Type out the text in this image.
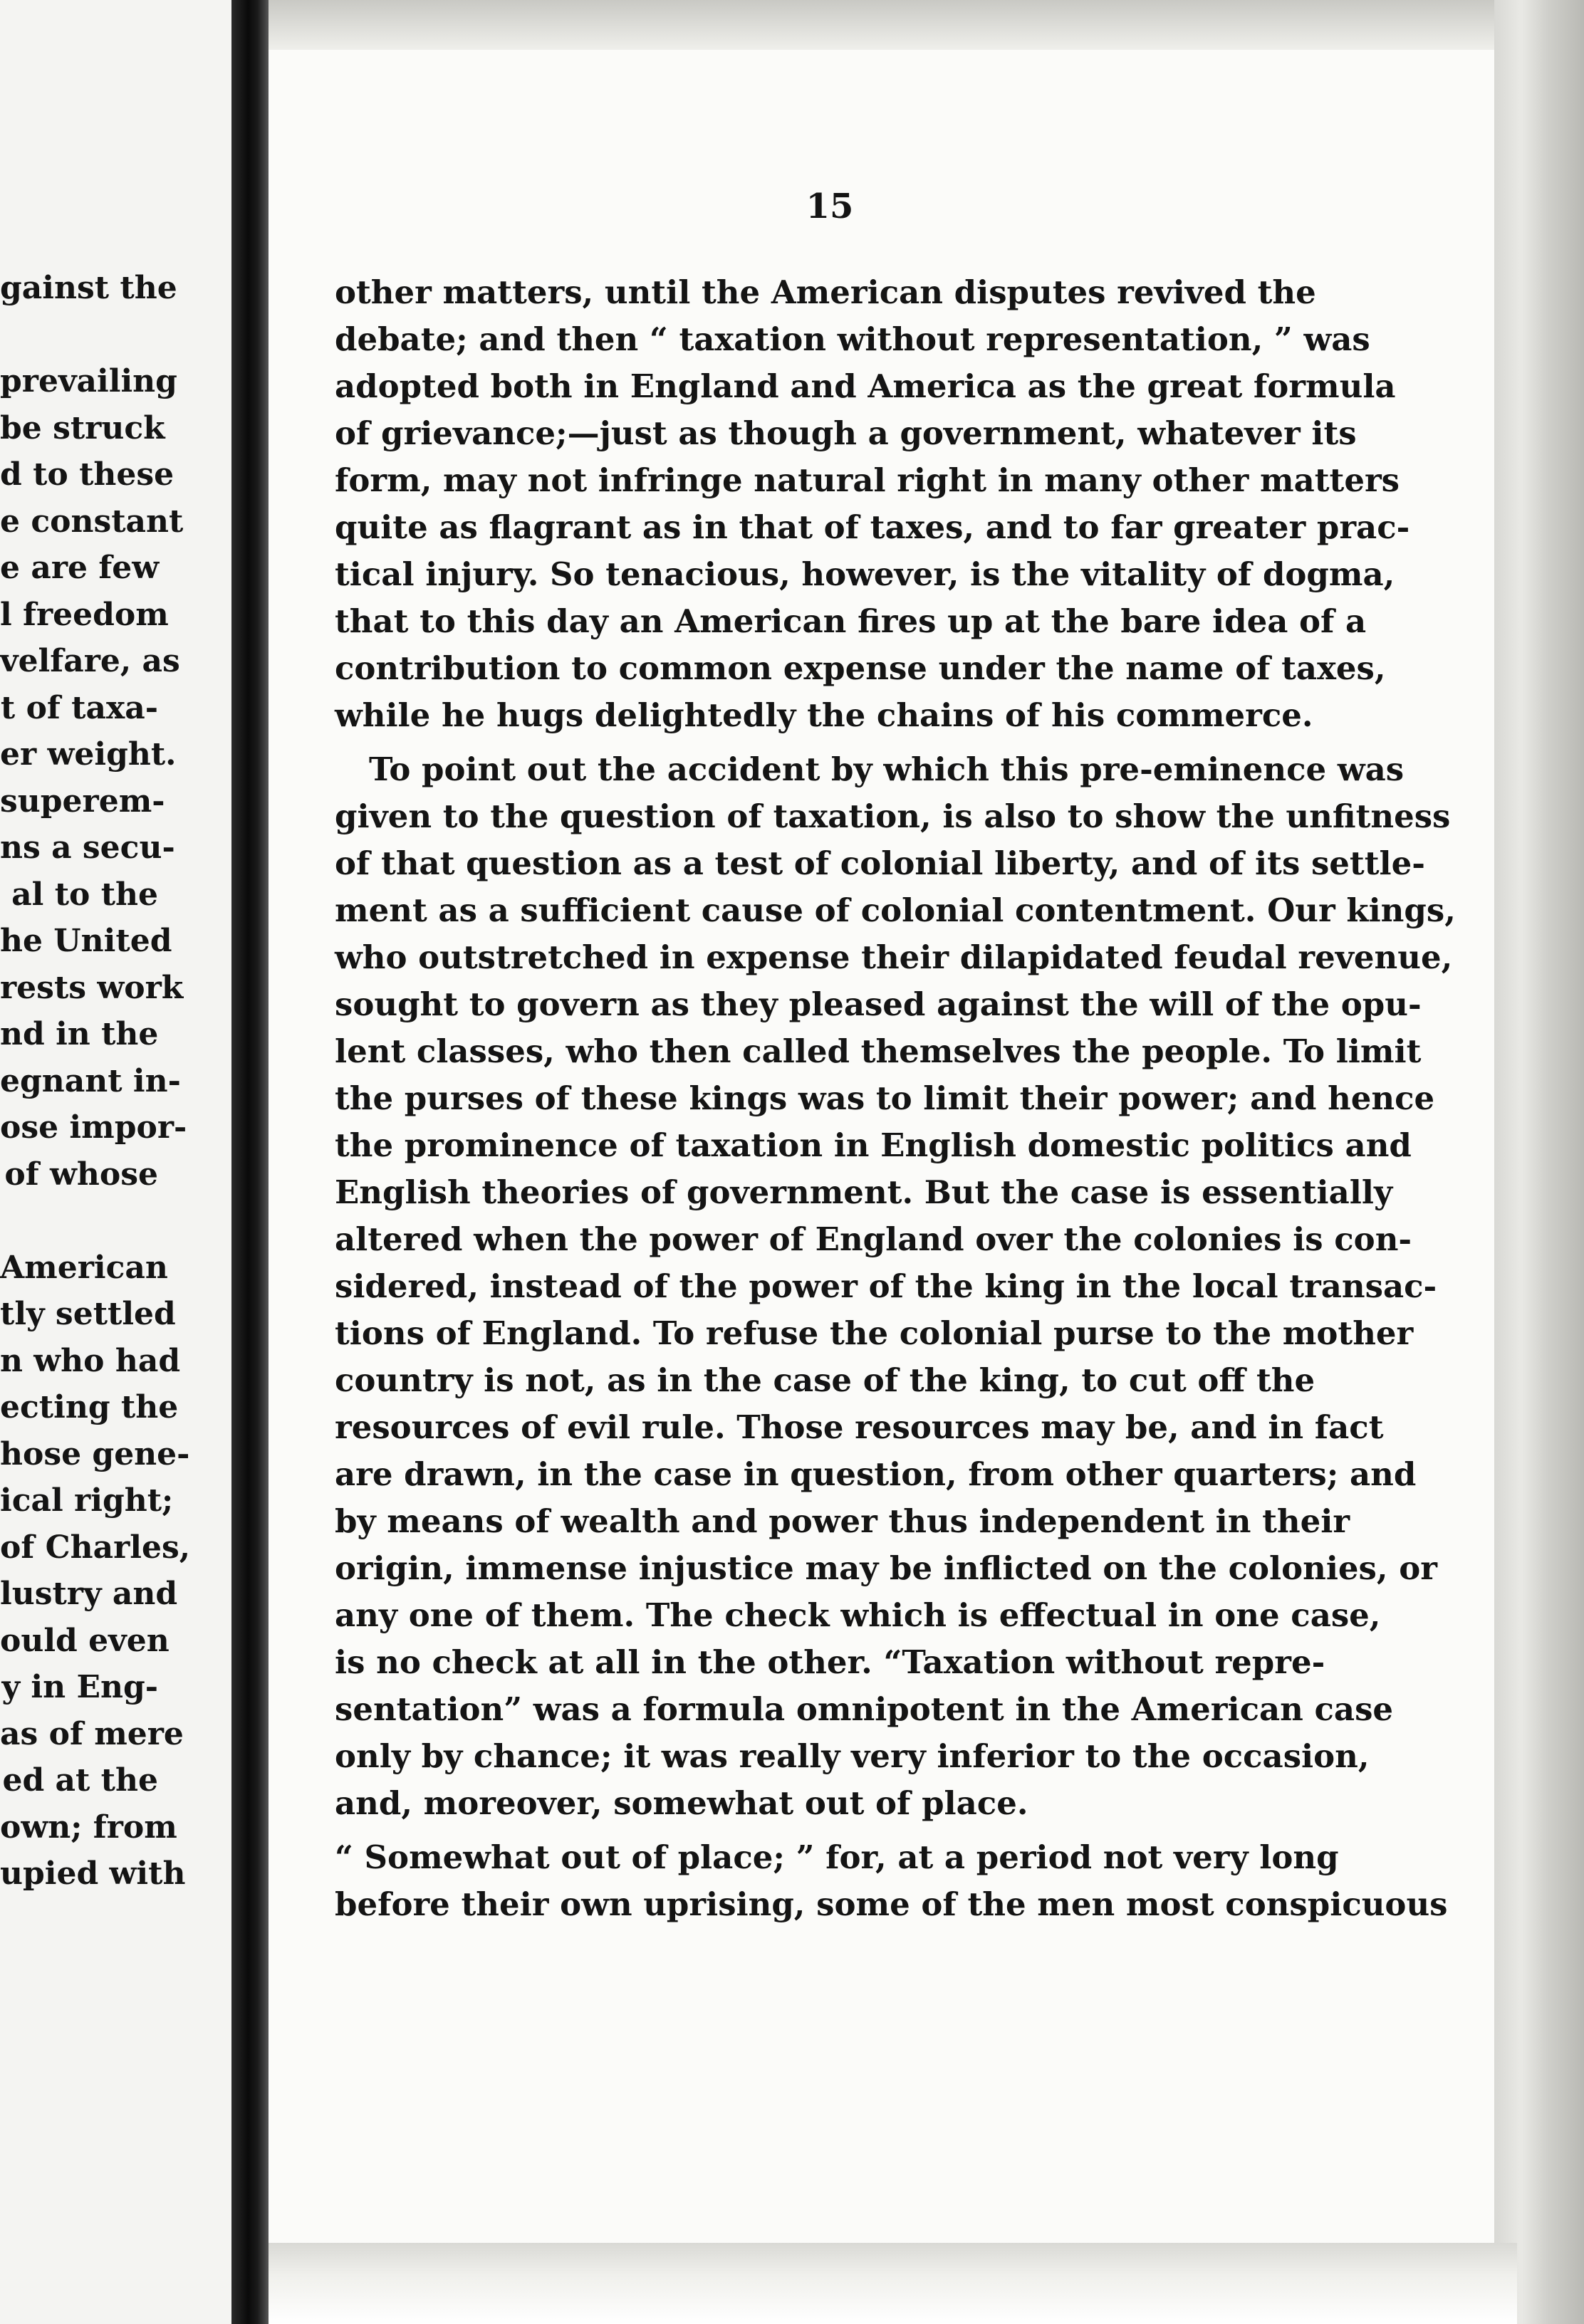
gainst the
prevailing
be struck
d to these
e constant
e are few
l freedom
velfare, as
t of taxa-
er weight.
superem-
ns a secu-
al to the
he United
rests work
nd in the
egnant in-
ose impor-
of whose
American
tly settled
n who had
ecting the
hose gene-
ical right;
of Charles,
lustry and
ould even
y in Eng-
as of mere
ed at the
own; from
upied with
15
other matters, until the American disputes revived the
debate; and then “ taxation without representation, ” was
adopted both in England and America as the great formula
of grievance;—just as though a government, whatever its
form, may not infringe natural right in many other matters
quite as flagrant as in that of taxes, and to far greater prac-
tical injury. So tenacious, however, is the vitality of dogma,
that to this day an American fires up at the bare idea of a
contribution to common expense under the name of taxes,
while he hugs delightedly the chains of his commerce.
To point out the accident by which this pre-eminence was
given to the question of taxation, is also to show the unfitness
of that question as a test of colonial liberty, and of its settle-
ment as a sufficient cause of colonial contentment. Our kings,
who outstretched in expense their dilapidated feudal revenue,
sought to govern as they pleased against the will of the opu-
lent classes, who then called themselves the people. To limit
the purses of these kings was to limit their power; and hence
the prominence of taxation in English domestic politics and
English theories of government. But the case is essentially
altered when the power of England over the colonies is con-
sidered, instead of the power of the king in the local transac-
tions of England. To refuse the colonial purse to the mother
country is not, as in the case of the king, to cut off the
resources of evil rule. Those resources may be, and in fact
are drawn, in the case in question, from other quarters; and
by means of wealth and power thus independent in their
origin, immense injustice may be inflicted on the colonies, or
any one of them. The check which is effectual in one case,
is no check at all in the other. “Taxation without repre-
sentation” was a formula omnipotent in the American case
only by chance; it was really very inferior to the occasion,
and, moreover, somewhat out of place.
“ Somewhat out of place; ” for, at a period not very long
before their own uprising, some of the men most conspicuous
